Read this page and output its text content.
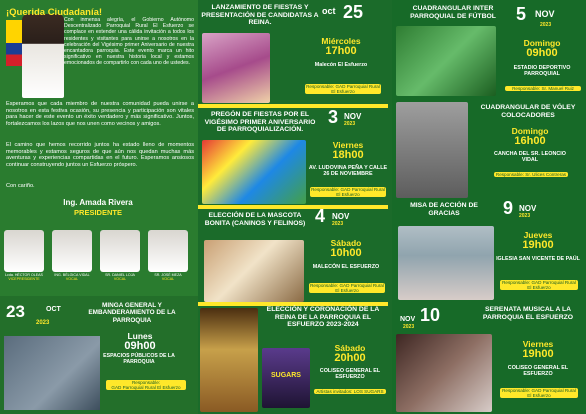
¡Querida Ciudadanía!
Con inmensa alegría, el Gobierno Autónomo Descentralizado Parroquial Rural El Esfuerzo se complace en extender una cálida invitación a todos los residentes y visitantes para unirse a nosotros en la celebración del Vigésimo primer Aniversario de nuestra encantadora parroquia. Este evento marca un hito significativo en nuestra historia local y estamos emocionados de compartirlo con cada uno de ustedes.
Esperamos que cada miembro de nuestra comunidad pueda unirse a nosotros en esta festiva ocasión, su presencia y participación son vitales para hacer de este evento un éxito verdadero y más significativo. Juntos, fortalezcamos los lazos que nos unen como vecinos y amigos.
El camino que hemos recorrido juntos ha estado lleno de momentos memorables y estamos seguros de que aún nos quedan muchas más aventuras y experiencias compartidas en el futuro. Esperamos ansiosos continuar construyendo juntos un Esfuerzo próspero.
Con cariño.
Ing. Amada Rivera
PRESIDENTE
Lcda. HÉCTOR OLEAS
VICEPRESIDENTE
ING. BÉLGICA VIDAL
VOCAL
SR. DANIEL LOJA
VOCAL
SR. JOSÉ MEZA
VOCAL
23	OCT
2023
MINGA GENERAL Y EMBANDERAMIENTO DE LA PARROQUIA
Lunes
09h00
ESPACIOS PÚBLICOS DE LA PARROQUIA
Responsable:
GAD Parroquial Rural El Esfuerzo
LANZAMIENTO DE FIESTAS Y PRESENTACIÓN DE CANDIDATAS A REINA.
oct 25
Miércoles
17h00
Malecón El Esfuerzo
Responsable: GAD Parroquial Rural El Esfuerzo
PREGÓN DE FIESTAS POR EL VIGÉSIMO PRIMER ANIVERSARIO DE PARROQUIALIZACIÓN.
3 NOV
2023
Viernes
18h00
AV. LUDOVINA PEÑA Y CALLE 26 DE NOVIEMBRE
Responsable: GAD Parroquial Rural El Esfuerzo
ELECCIÓN DE LA MASCOTA BONITA (CANINOS Y FELINOS) 4 NOV
2023
Sábado
10h00
MALECÓN EL ESFUERZO
Responsable: GAD Parroquial Rural El Esfuerzo
ELECCIÓN Y CORONACIÓN DE LA REINA DE LA PARROQUIA EL ESFUERZO 2023-2024
SUGARS
Sábado
20h00
COLISEO GENERAL EL ESFUERZO
Artistas invitados: LOS SUGARS
CUADRANGULAR INTER PARROQUIAL DE FÚTBOL	5 NOV
2023
Domingo
09h00
ESTADIO DEPORTIVO PARROQUIAL
Responsable: Sr. Manuel Ruiz
CUADRANGULAR DE VÓLEY COLOCADORES
Domingo
16h00
CANCHA DEL SR. LEONCIO VIDAL
Responsable: Sr. Ulices Contreras
MISA DE ACCIÓN DE GRACIAS	9 NOV
2023
Jueves
19h00
IGLESIA SAN VICENTE DE PAÚL
Responsable: GAD Parroquial Rural El Esfuerzo
SERENATA MUSICAL A LA PARROQUIA EL ESFUERZO
NOV 10
2023
Viernes
19h00
COLISEO GENERAL EL ESFUERZO
Responsable: GAD Parroquial Rural El Esfuerzo
